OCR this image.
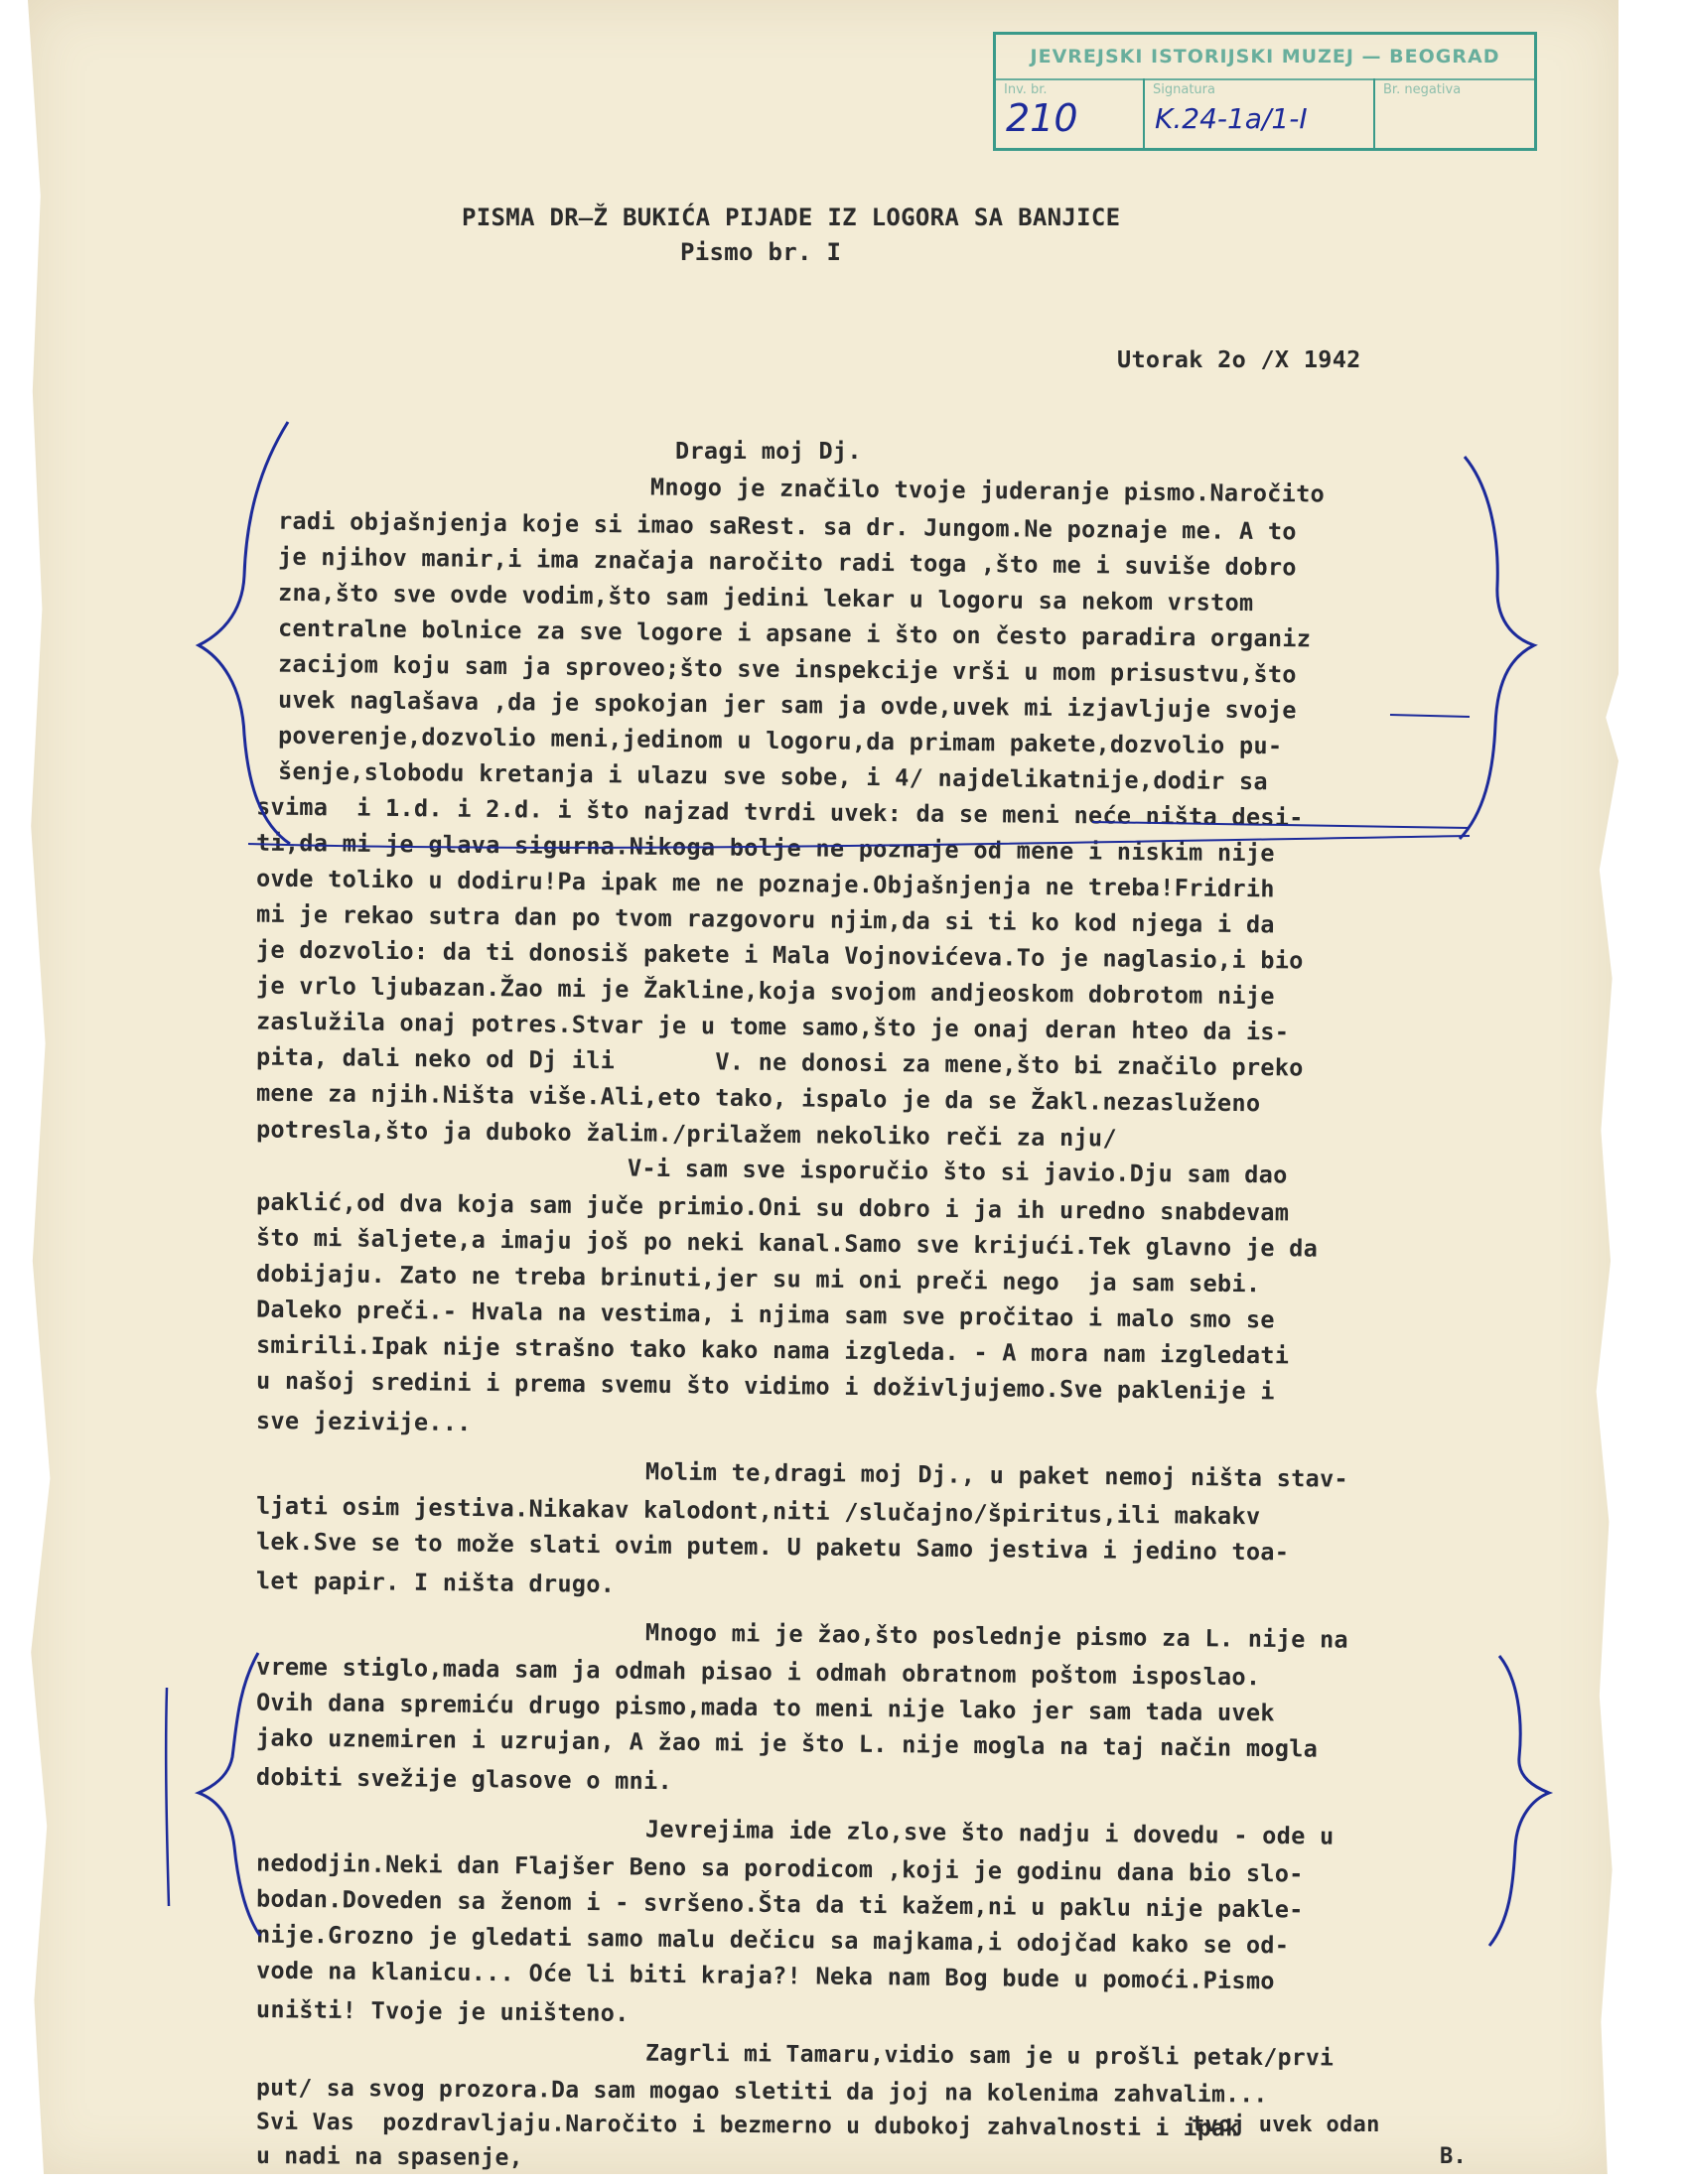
JEVREJSKI ISTORIJSKI MUZEJ — BEOGRAD
Inv. br.
210
Signatura
K.24-1a/1-I
Br. negativa
PISMA DR̶Ž BUKIĆA PIJADE IZ LOGORA SA BANJICE
Pismo br. I
Utorak 2o /X 1942
Dragi moj Dj.
Mnogo je značilo tvoje juderanje pismo.Naročito
radi objašnjenja koje si imao saRest. sa dr. Jungom.Ne poznaje me. A to
je njihov manir,i ima značaja naročito radi toga ,što me i suviše dobro
zna,što sve ovde vodim,što sam jedini lekar u logoru sa nekom vrstom
centralne bolnice za sve logore i apsane i što on često paradira organiz
zacijom koju sam ja sproveo;što sve inspekcije vrši u mom prisustvu,što
uvek naglašava ,da je spokojan jer sam ja ovde,uvek mi izjavljuje svoje
poverenje,dozvolio meni,jedinom u logoru,da primam pakete,dozvolio pu-
šenje,slobodu kretanja i ulazu sve sobe, i 4/ najdelikatnije,dodir sa
svima  i 1.d. i 2.d. i što najzad tvrdi uvek: da se meni neće ništa desi-
ti,da mi je glava sigurna.Nikoga bolje ne poznaje od mene i niskim nije
ovde toliko u dodiru!Pa ipak me ne poznaje.Objašnjenja ne treba!Fridrih
mi je rekao sutra dan po tvom razgovoru njim,da si ti ko kod njega i da
je dozvolio: da ti donosiš pakete i Mala Vojnovićeva.To je naglasio,i bio
je vrlo ljubazan.Žao mi je Žakline,koja svojom andjeoskom dobrotom nije
zaslužila onaj potres.Stvar je u tome samo,što je onaj deran hteo da is-
pita, dali neko od Dj ili       V. ne donosi za mene,što bi značilo preko
mene za njih.Ništa više.Ali,eto tako, ispalo je da se Žakl.nezasluženo
potresla,što ja duboko žalim./prilažem nekoliko reči za nju/
V-i sam sve isporučio što si javio.Dju sam dao
paklić,od dva koja sam juče primio.Oni su dobro i ja ih uredno snabdevam
što mi šaljete,a imaju još po neki kanal.Samo sve krijući.Tek glavno je da
dobijaju. Zato ne treba brinuti,jer su mi oni preči nego  ja sam sebi.
Daleko preči.- Hvala na vestima, i njima sam sve pročitao i malo smo se
smirili.Ipak nije strašno tako kako nama izgleda. - A mora nam izgledati
u našoj sredini i prema svemu što vidimo i doživljujemo.Sve paklenije i
sve jezivije...
Molim te,dragi moj Dj., u paket nemoj ništa stav-
ljati osim jestiva.Nikakav kalodont,niti /slučajno/špiritus,ili makakv
lek.Sve se to može slati ovim putem. U paketu Samo jestiva i jedino toa-
let papir. I ništa drugo.
Mnogo mi je žao,što poslednje pismo za L. nije na
vreme stiglo,mada sam ja odmah pisao i odmah obratnom poštom isposlao.
Ovih dana spremiću drugo pismo,mada to meni nije lako jer sam tada uvek
jako uznemiren i uzrujan, A žao mi je što L. nije mogla na taj način mogla
dobiti svežije glasove o mni.
Jevrejima ide zlo,sve što nadju i dovedu - ode u
nedodjin.Neki dan Flajšer Beno sa porodicom ,koji je godinu dana bio slo-
bodan.Doveden sa ženom i - svršeno.Šta da ti kažem,ni u paklu nije pakle-
nije.Grozno je gledati samo malu dečicu sa majkama,i odojčad kako se od-
vode na klanicu... Oće li biti kraja?! Neka nam Bog bude u pomoći.Pismo
uništi! Tvoje je uništeno.
Zagrli mi Tamaru,vidio sam je u prošli petak/prvi
put/ sa svog prozora.Da sam mogao sletiti da joj na kolenima zahvalim...
Svi Vas  pozdravljaju.Naročito i bezmerno u dubokoj zahvalnosti i ipak
u nadi na spasenje,
tvoj uvek odan
B.
